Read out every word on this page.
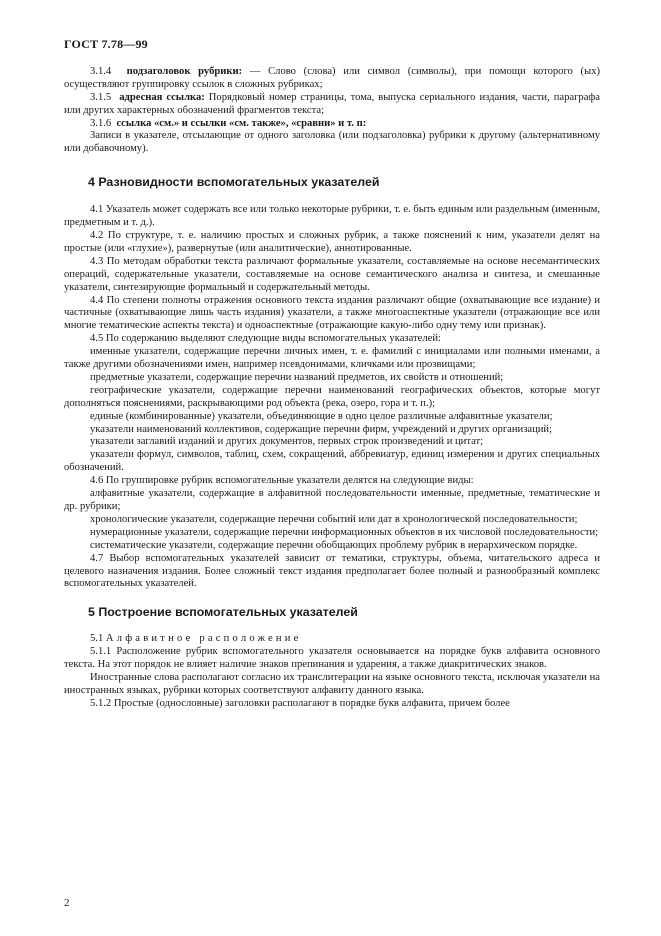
ГОСТ 7.78—99

3.1.4 подзаголовок рубрики: — Слово (слова) или символ (символы), при помощи которого (ых) осуществляют группировку ссылок в сложных рубриках;

3.1.5 адресная ссылка: Порядковый номер страницы, тома, выпуска сериального издания, части, параграфа или других характерных обозначений фрагментов текста;

3.1.6 ссылка «см.» и ссылки «см. также», «сравни» и т. п:

Записи в указателе, отсылающие от одного заголовка (или подзаголовка) рубрики к другому (альтернативному или добавочному).

4 Разновидности вспомогательных указателей

4.1 Указатель может содержать все или только некоторые рубрики, т. е. быть единым или раздельным (именным, предметным и т. д.).

4.2 По структуре, т. е. наличию простых и сложных рубрик, а также пояснений к ним, указатели делят на простые (или «глухие»), развернутые (или аналитические), аннотированные.

4.3 По методам обработки текста различают формальные указатели, составляемые на основе несемантических операций, содержательные указатели, составляемые на основе семантического анализа и синтеза, и смешанные указатели, синтезирующие формальный и содержательный методы.

4.4 По степени полноты отражения основного текста издания различают общие (охватывающие все издание) и частичные (охватывающие лишь часть издания) указатели, а также многоаспектные указатели (отражающие все или многие тематические аспекты текста) и одноаспектные (отражающие какую-либо одну тему или признак).

4.5 По содержанию выделяют следующие виды вспомогательных указателей:

именные указатели, содержащие перечни личных имен, т. е. фамилий с инициалами или полными именами, а также другими обозначениями имен, например псевдонимами, кличками или прозвищами;

предметные указатели, содержащие перечни названий предметов, их свойств и отношений;

географические указатели, содержащие перечни наименований географических объектов, которые могут дополняться пояснениями, раскрывающими род объекта (река, озеро, гора и т. п.);

единые (комбинированные) указатели, объединяющие в одно целое различные алфавитные указатели;

указатели наименований коллективов, содержащие перечни фирм, учреждений и других организаций;

указатели заглавий изданий и других документов, первых строк произведений и цитат;

указатели формул, символов, таблиц, схем, сокращений, аббревиатур, единиц измерения и других специальных обозначений.

4.6 По группировке рубрик вспомогательные указатели делятся на следующие виды:

алфавитные указатели, содержащие в алфавитной последовательности именные, предметные, тематические и др. рубрики;

хронологические указатели, содержащие перечни событий или дат в хронологической последовательности;

нумерационные указатели, содержащие перечни информационных объектов в их числовой последовательности;

систематические указатели, содержащие перечни обобщающих проблему рубрик в иерархическом порядке.

4.7 Выбор вспомогательных указателей зависит от тематики, структуры, объема, читательского адреса и целевого назначения издания. Более сложный текст издания предполагает более полный и разнообразный комплекс вспомогательных указателей.

5 Построение вспомогательных указателей

5.1 Алфавитное расположение

5.1.1 Расположение рубрик вспомогательного указателя основывается на порядке букв алфавита основного текста. На этот порядок не влияет наличие знаков препинания и ударения, а также диакритических знаков.

Иностранные слова располагают согласно их транслитерации на языке основного текста, исключая указатели на иностранных языках, рубрики которых соответствуют алфавиту данного языка.

5.1.2 Простые (однословные) заголовки располагают в порядке букв алфавита, причем более

2
